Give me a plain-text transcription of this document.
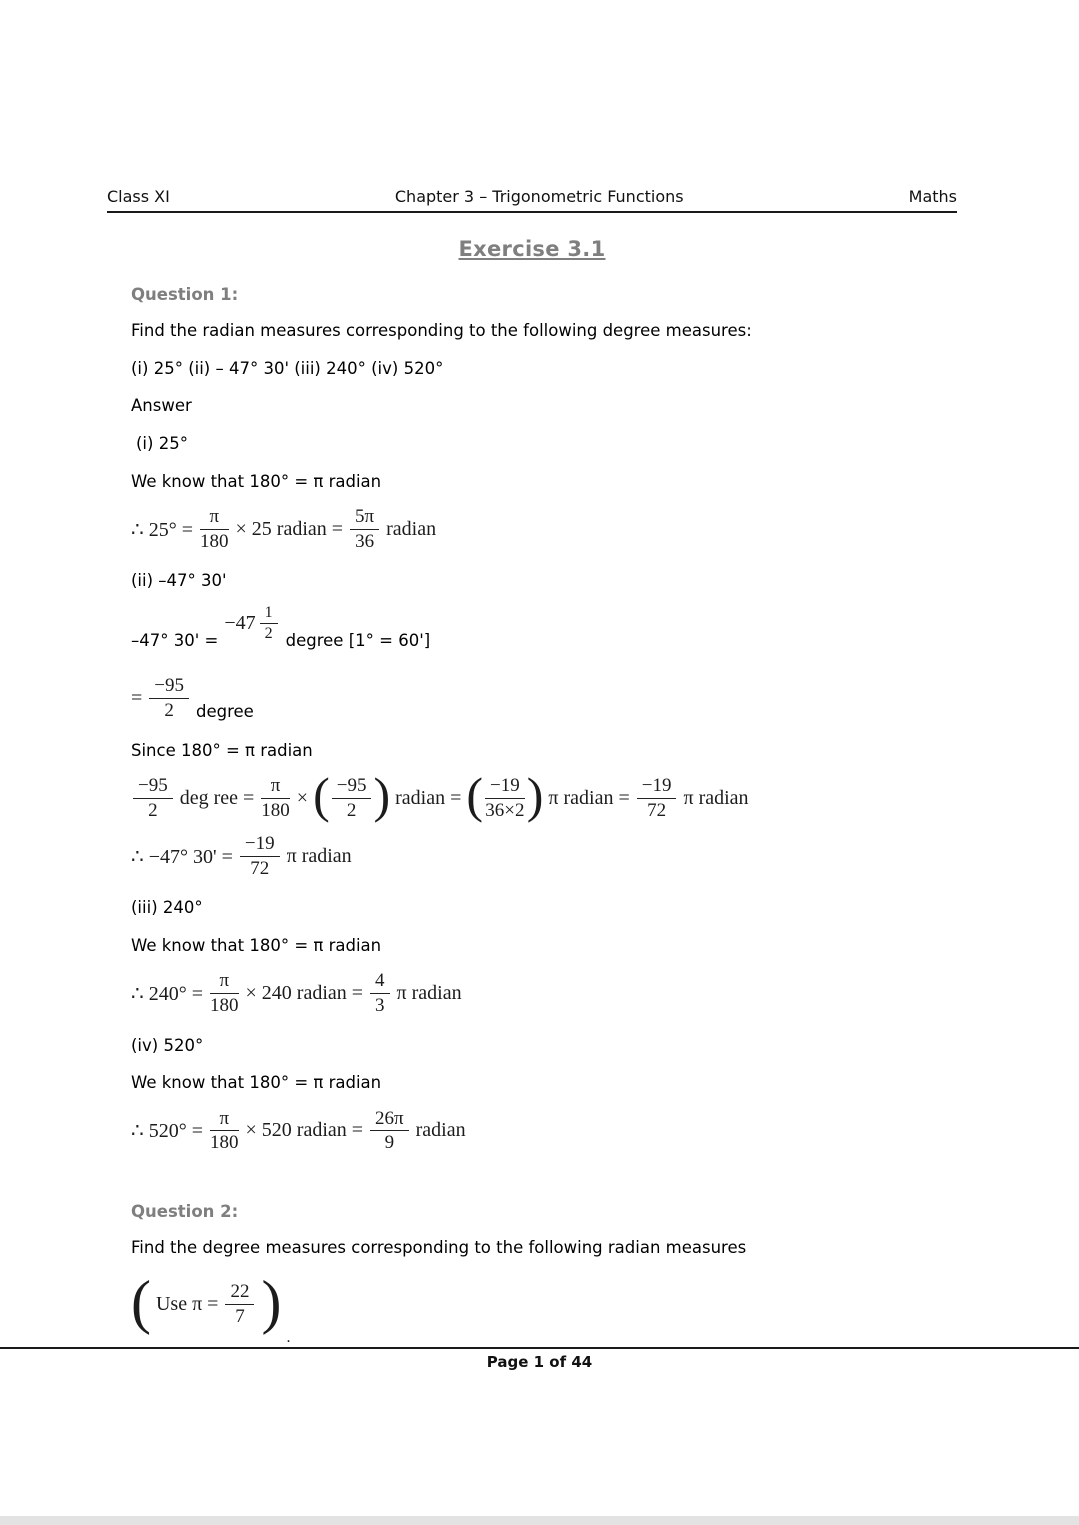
Class XI	Chapter 3 – Trigonometric Functions	Maths
Exercise 3.1
Question 1:
Find the radian measures corresponding to the following degree measures:
(i) 25° (ii) – 47° 30' (iii) 240° (iv) 520°
Answer
(i) 25°
We know that 180° = π radian
∴ $25^\circ = \frac{\pi}{180} \times 25$ radian = $\frac{5\pi}{36}$ radian
(ii) –47° 30'
–47° 30' =
$-47 \frac{1}{2}$ degree [1° = 60']
= $\frac{-95}{2}$ degree
Since 180° = π radian
$\frac{-95}{2}$ deg ree = $\frac{\pi}{180}$ × ( $\frac{-95}{2}$ ) radian = ( $\frac{-19}{36\times 2}$ ) π radian = $\frac{-19}{72}$ π radian
∴ −47° $30' = \frac{-19}{72}$ π radian
(iii) 240°
We know that 180° = π radian
∴ $240^\circ = \frac{\pi}{180} \times 240$ radian = $\frac{4}{3}$ π radian
(iv) 520°
We know that 180° = π radian
∴ $520^\circ = \frac{\pi}{180} \times 520$ radian = $\frac{26\pi}{9}$ radian
Question 2:
Find the degree measures corresponding to the following radian measures
( Use $\pi = \frac{22}{7}$ )
.
Page 1 of 44
